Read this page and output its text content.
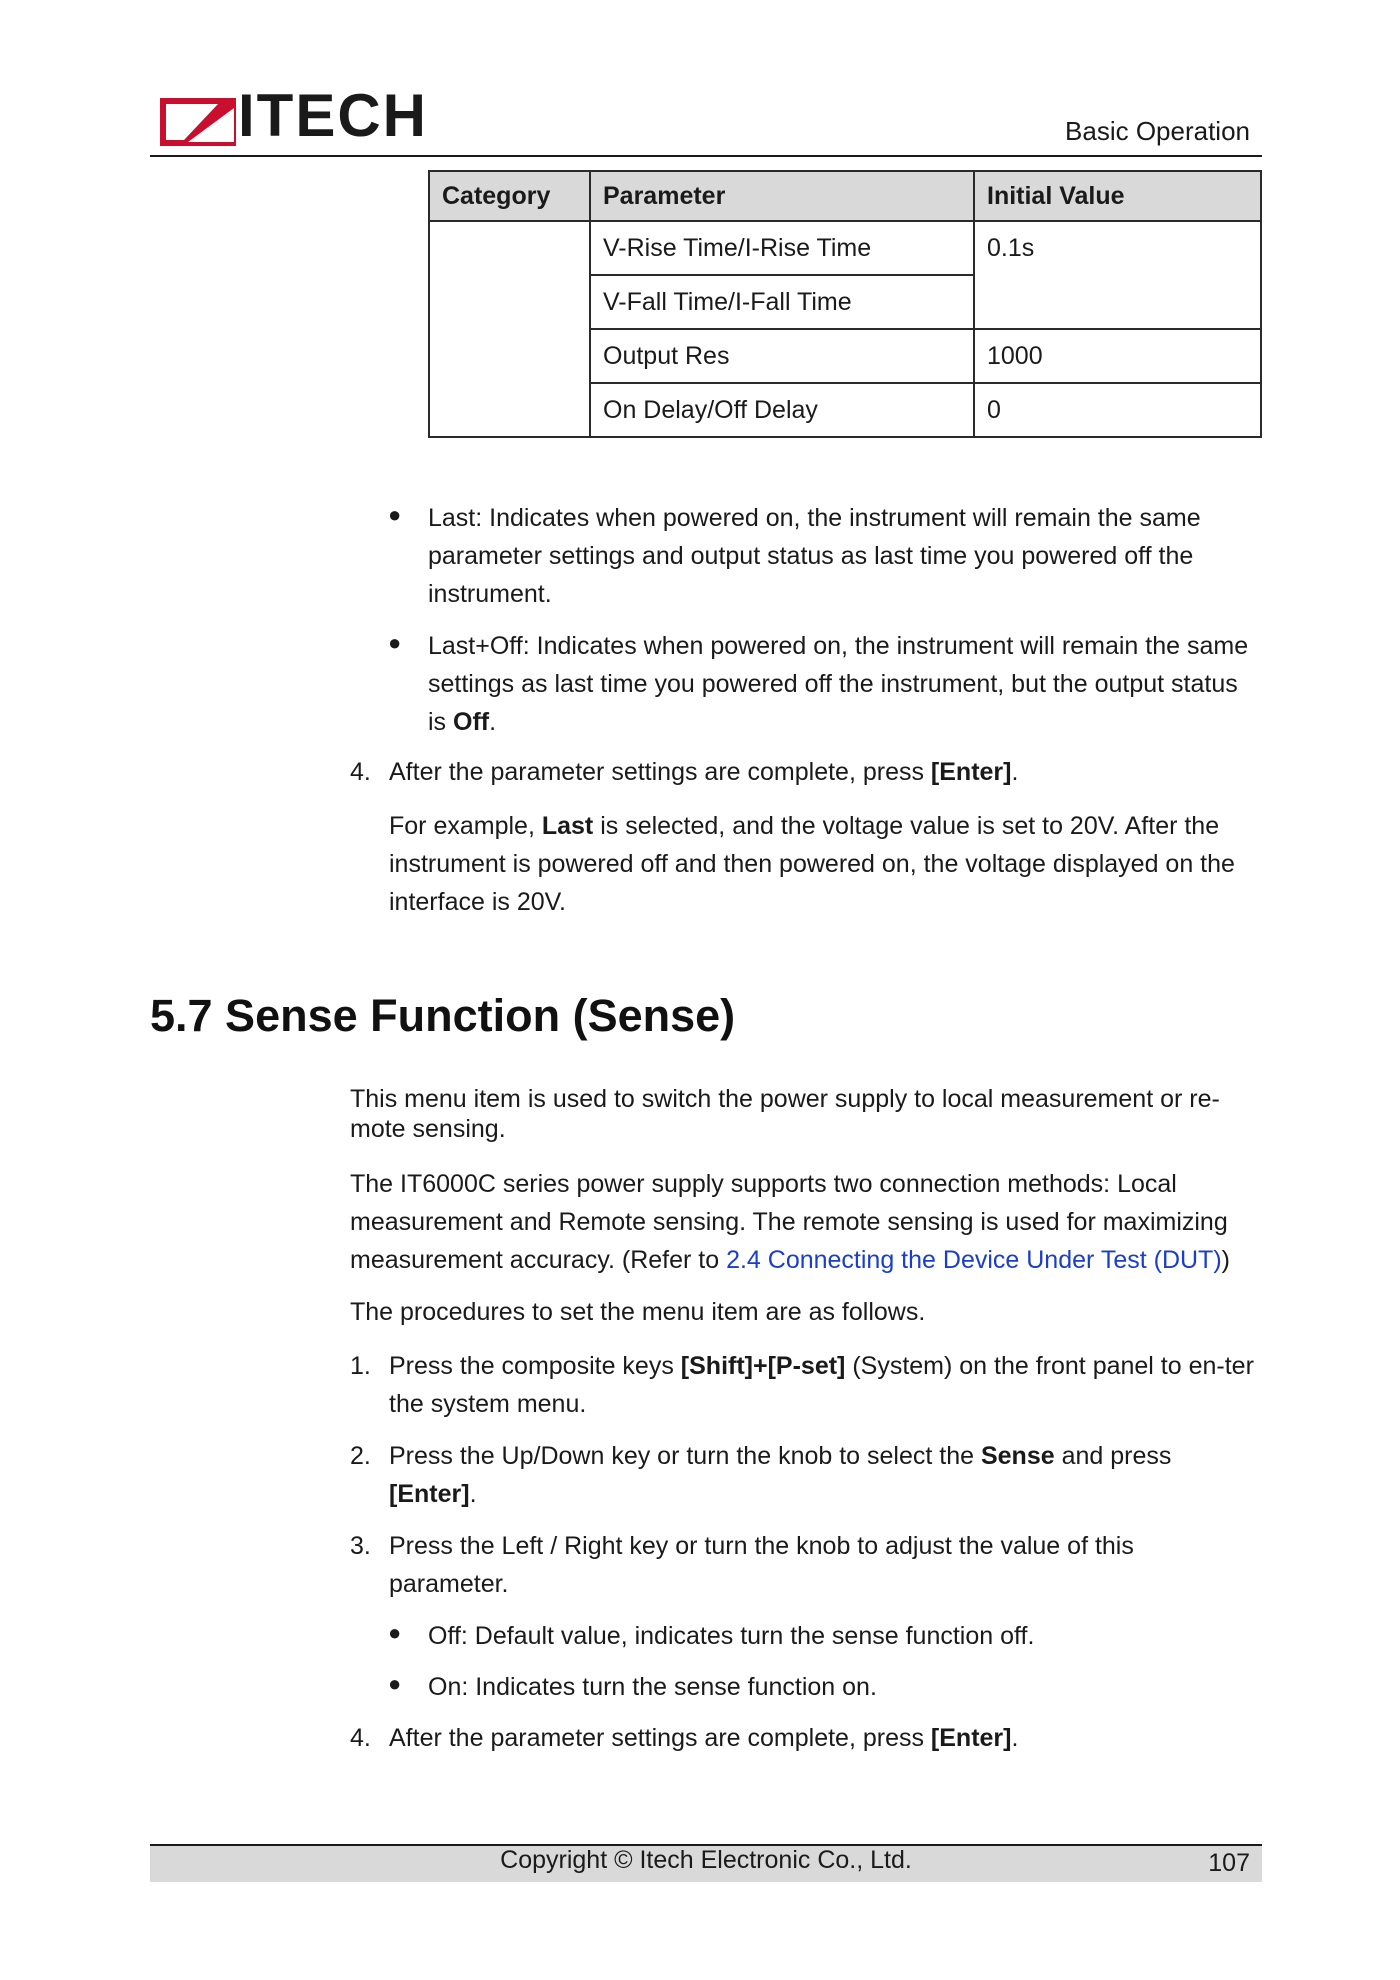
ITECH	Basic Operation
Category	Parameter	Initial Value
	V-Rise Time/I-Rise Time	0.1s
	V-Fall Time/I-Fall Time	
	Output Res	1000
	On Delay/Off Delay	0
● Last: Indicates when powered on, the instrument will remain the same parameter settings and output status as last time you powered off the instrument.
● Last+Off: Indicates when powered on, the instrument will remain the same settings as last time you powered off the instrument, but the output status is Off.
4. After the parameter settings are complete, press [Enter].
For example, Last is selected, and the voltage value is set to 20V. After the instrument is powered off and then powered on, the voltage displayed on the interface is 20V.
5.7 Sense Function (Sense)
This menu item is used to switch the power supply to local measurement or re-mote sensing.
The IT6000C series power supply supports two connection methods: Local measurement and Remote sensing. The remote sensing is used for maximizing measurement accuracy. (Refer to 2.4 Connecting the Device Under Test (DUT))
The procedures to set the menu item are as follows.
1. Press the composite keys [Shift]+[P-set] (System) on the front panel to en-ter the system menu.
2. Press the Up/Down key or turn the knob to select the Sense and press [Enter].
3. Press the Left / Right key or turn the knob to adjust the value of this parameter.
● Off: Default value, indicates turn the sense function off.
● On: Indicates turn the sense function on.
4. After the parameter settings are complete, press [Enter].
Copyright © Itech Electronic Co., Ltd.	107
